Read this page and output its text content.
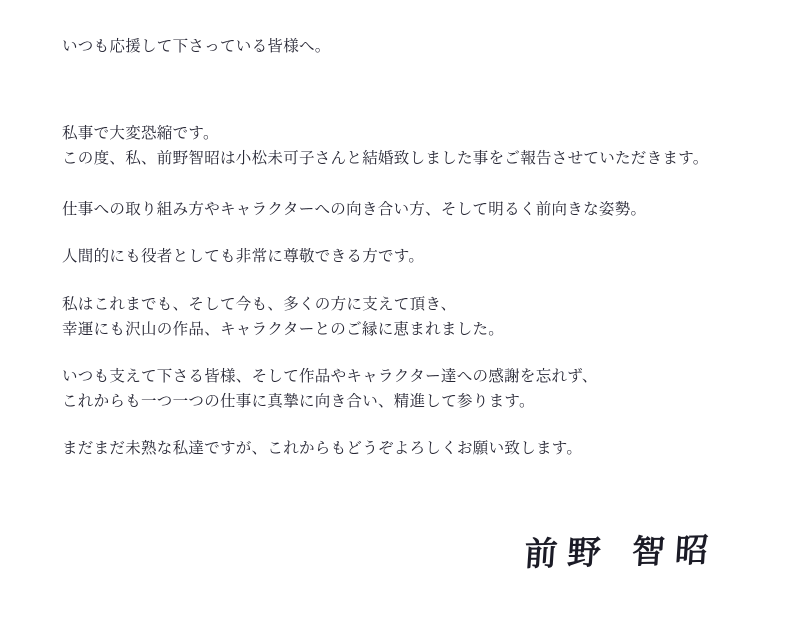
いつも応援して下さっている皆様へ。

私事で大変恐縮です。

この度、私、前野智昭は小松未可子さんと結婚致しました事をご報告させていただきます。

仕事への取り組み方やキャラクターへの向き合い方、そして明るく前向きな姿勢。

人間的にも役者としても非常に尊敬できる方です。

私はこれまでも、そして今も、多くの方に支えて頂き、

幸運にも沢山の作品、キャラクターとのご縁に恵まれました。

いつも支えて下さる皆様、そして作品やキャラクター達への感謝を忘れず、

これからも一つ一つの仕事に真摯に向き合い、精進して参ります。

まだまだ未熟な私達ですが、これからもどうぞよろしくお願い致します。

前野 智昭
